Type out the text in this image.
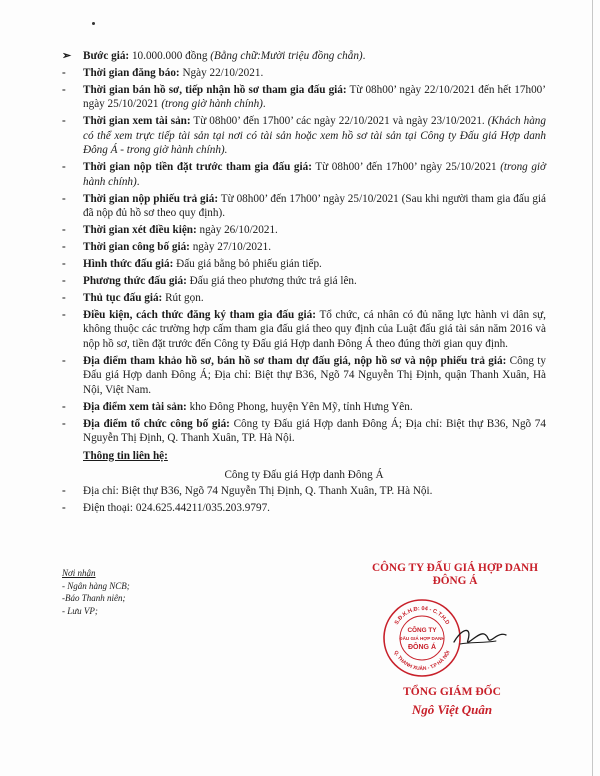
➢	Bước giá: 10.000.000 đồng (Bằng chữ:Mười triệu đồng chẵn).
-	Thời gian đăng báo: Ngày 22/10/2021.
-	Thời gian bán hồ sơ, tiếp nhận hồ sơ tham gia đấu giá: Từ 08h00’ ngày 22/10/2021 đến hết 17h00’ ngày 25/10/2021 (trong giờ hành chính).
-	Thời gian xem tài sản: Từ 08h00’ đến 17h00’ các ngày 22/10/2021 và ngày 23/10/2021. (Khách hàng có thể xem trực tiếp tài sản tại nơi có tài sản hoặc xem hồ sơ tài sản tại Công ty Đấu giá Hợp danh Đông Á - trong giờ hành chính).
-	Thời gian nộp tiền đặt trước tham gia đấu giá: Từ 08h00’ đến 17h00’ ngày 25/10/2021 (trong giờ hành chính).
-	Thời gian nộp phiếu trả giá: Từ 08h00’ đến 17h00’ ngày 25/10/2021 (Sau khi người tham gia đấu giá đã nộp đủ hồ sơ theo quy định).
-	Thời gian xét điều kiện: ngày 26/10/2021.
-	Thời gian công bố giá: ngày 27/10/2021.
-	Hình thức đấu giá: Đấu giá bằng bỏ phiếu gián tiếp.
-	Phương thức đấu giá: Đấu giá theo phương thức trả giá lên.
-	Thủ tục đấu giá: Rút gọn.
-	Điều kiện, cách thức đăng ký tham gia đấu giá: Tổ chức, cá nhân có đủ năng lực hành vi dân sự, không thuộc các trường hợp cấm tham gia đấu giá theo quy định của Luật đấu giá tài sản năm 2016 và nộp hồ sơ, tiền đặt trước đến Công ty Đấu giá Hợp danh Đông Á theo đúng thời gian quy định.
-	Địa điểm tham khảo hồ sơ, bán hồ sơ tham dự đấu giá, nộp hồ sơ và nộp phiếu trả giá: Công ty Đấu giá Hợp danh Đông Á; Địa chỉ: Biệt thự B36, Ngõ 74 Nguyễn Thị Định, quận Thanh Xuân, Hà Nội, Việt Nam.
-	Địa điểm xem tài sản: kho Đông Phong, huyện Yên Mỹ, tỉnh Hưng Yên.
-	Địa điểm tổ chức công bố giá: Công ty Đấu giá Hợp danh Đông Á; Địa chỉ: Biệt thự B36, Ngõ 74 Nguyễn Thị Định, Q. Thanh Xuân, TP. Hà Nội.
Thông tin liên hệ:
Công ty Đấu giá Hợp danh Đông Á
-	Địa chỉ: Biệt thự B36, Ngõ 74 Nguyễn Thị Định, Q. Thanh Xuân, TP. Hà Nội.
-	Điện thoại: 024.625.44211/035.203.9797.
Nơi nhận
- Ngân hàng NCB;
-Báo Thanh niên;
- Lưu VP;
CÔNG TY ĐẤU GIÁ HỢP DANH
ĐÔNG Á
S.Đ.K.H.Đ: 04 - C.T.H.D
Q. THANH XUÂN - T.P HÀ NỘI
CÔNG TY
ĐẤU GIÁ HỢP DANH
ĐÔNG Á
TỔNG GIÁM ĐỐC
Ngô Việt Quân
